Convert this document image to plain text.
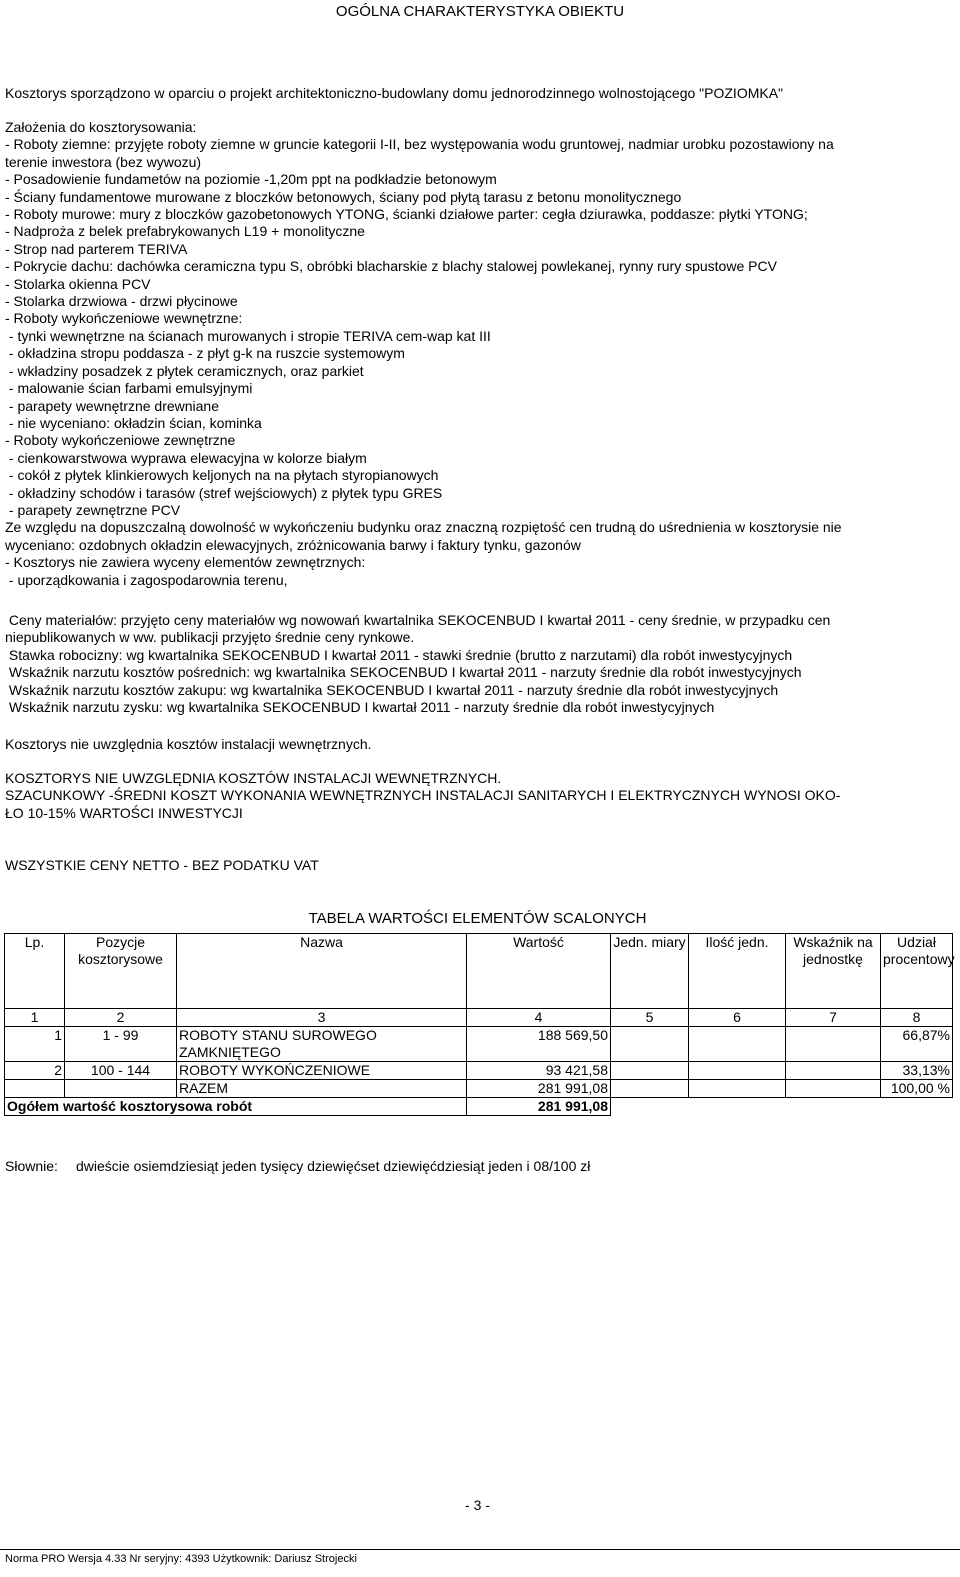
OGÓLNA CHARAKTERYSTYKA OBIEKTU
Kosztorys sporządzono w oparciu o projekt architektoniczno-budowlany domu jednorodzinnego wolnostojącego "POZIOMKA"
Założenia do kosztorysowania:
- Roboty ziemne: przyjęte roboty ziemne w gruncie kategorii I-II, bez występowania wodu gruntowej, nadmiar urobku pozostawiony na
terenie inwestora (bez wywozu)
- Posadowienie fundametów na poziomie -1,20m ppt na podkładzie betonowym
- Ściany fundamentowe murowane z bloczków betonowych, ściany pod płytą tarasu z betonu monolitycznego
- Roboty murowe: mury z bloczków gazobetonowych YTONG, ścianki działowe parter: cegła dziurawka, poddasze: płytki YTONG;
- Nadproża z belek prefabrykowanych L19 + monolityczne
- Strop nad parterem TERIVA
- Pokrycie dachu: dachówka ceramiczna typu S, obróbki blacharskie z blachy stalowej powlekanej, rynny rury spustowe PCV
- Stolarka okienna PCV
- Stolarka drzwiowa - drzwi płycinowe
- Roboty wykończeniowe wewnętrzne:
- tynki wewnętrzne na ścianach murowanych i stropie TERIVA cem-wap kat III
- okładzina stropu poddasza - z płyt g-k na ruszcie systemowym
- wkładziny posadzek z płytek ceramicznych, oraz parkiet
- malowanie ścian farbami emulsyjnymi
- parapety wewnętrzne drewniane
- nie wyceniano: okładzin ścian, kominka
- Roboty wykończeniowe zewnętrzne
- cienkowarstwowa wyprawa elewacyjna w kolorze białym
- cokół z płytek klinkierowych keljonych na na płytach styropianowych
- okładziny schodów i tarasów (stref wejściowych) z płytek typu GRES
- parapety zewnętrzne PCV
Ze względu na dopuszczalną dowolność w wykończeniu budynku oraz znaczną rozpiętość cen trudną do uśrednienia w kosztorysie nie
wyceniano: ozdobnych okładzin elewacyjnych, zróżnicowania barwy i faktury tynku, gazonów
- Kosztorys nie zawiera wyceny elementów zewnętrznych:
- uporządkowania i zagospodarownia terenu,
Ceny materiałów: przyjęto ceny materiałów wg nowowań kwartalnika SEKOCENBUD I kwartał 2011 - ceny średnie, w przypadku cen
niepublikowanych w ww. publikacji przyjęto średnie ceny rynkowe.
Stawka robocizny: wg kwartalnika SEKOCENBUD I kwartał 2011 - stawki średnie (brutto z narzutami) dla robót inwestycyjnych
Wskaźnik narzutu kosztów pośrednich: wg kwartalnika SEKOCENBUD I kwartał 2011 - narzuty średnie dla robót inwestycyjnych
Wskaźnik narzutu kosztów zakupu: wg kwartalnika SEKOCENBUD I kwartał 2011 - narzuty średnie dla robót inwestycyjnych
Wskaźnik narzutu zysku: wg kwartalnika SEKOCENBUD I kwartał 2011 - narzuty średnie dla robót inwestycyjnych
Kosztorys nie uwzględnia kosztów instalacji wewnętrznych.
KOSZTORYS NIE UWZGLĘDNIA KOSZTÓW INSTALACJI WEWNĘTRZNYCH.
SZACUNKOWY -ŚREDNI KOSZT WYKONANIA WEWNĘTRZNYCH INSTALACJI SANITARYCH I ELEKTRYCZNYCH WYNOSI OKO-
ŁO 10-15% WARTOŚCI INWESTYCJI
WSZYSTKIE CENY NETTO - BEZ PODATKU VAT
TABELA WARTOŚCI ELEMENTÓW SCALONYCH
Lp.	Pozycje kosztorysowe	Nazwa	Wartość	Jedn. miary	Ilość jedn.	Wskaźnik na jednostkę	Udział procentowy
1	2	3	4	5	6	7	8
1	1 - 99	ROBOTY STANU SUROWEGO ZAMKNIĘTEGO	188 569,50				66,87%
2	100 - 144	ROBOTY WYKOŃCZENIOWE	93 421,58				33,13%
		RAZEM	281 991,08				100,00 %
Ogółem wartość kosztorysowa robót			281 991,08				
Słownie: dwieście osiemdziesiąt jeden tysięcy dziewięćset dziewięćdziesiąt jeden i 08/100 zł
- 3 -
Norma PRO Wersja 4.33 Nr seryjny: 4393 Użytkownik: Dariusz Strojecki
